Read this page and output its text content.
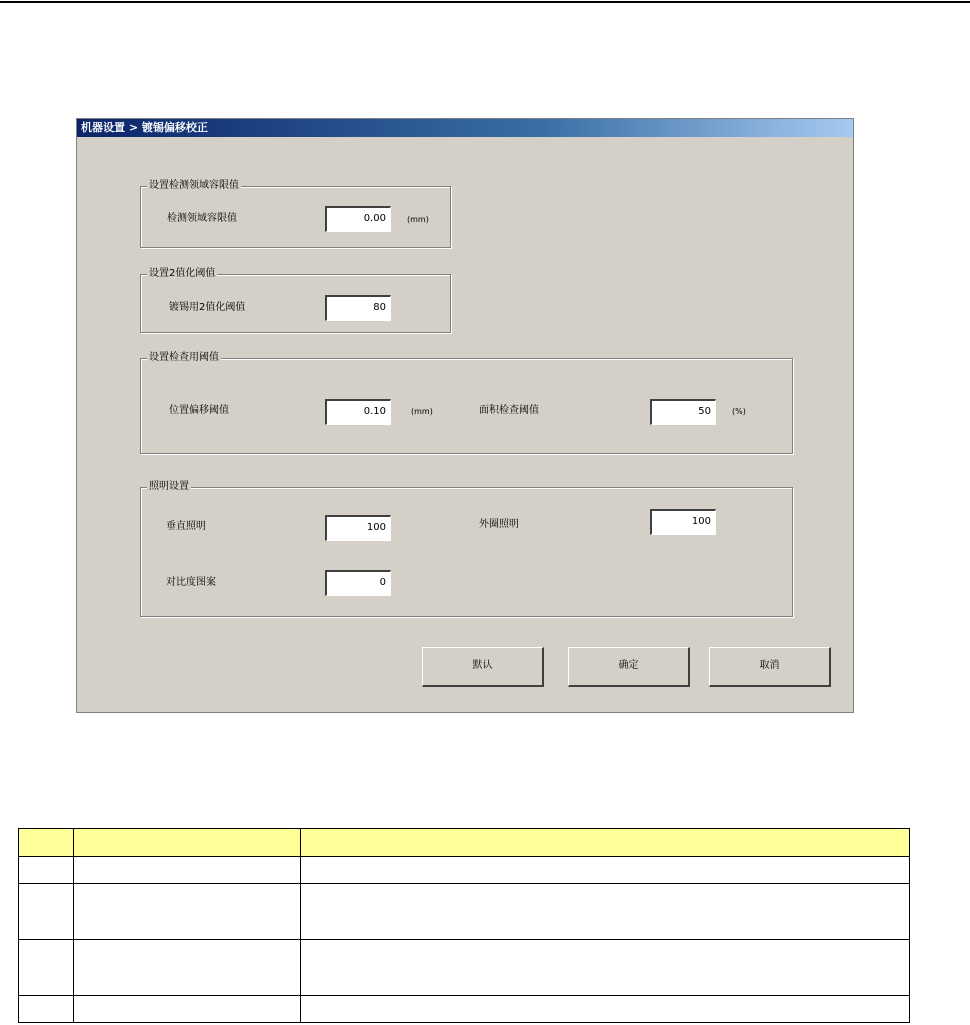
机器设置 > 镀锡偏移校正
设置检测领域容限值
检测领域容限值	0.00	(mm)
设置2值化阈值
镀锡用2值化阈值	80
设置检查用阈值
位置偏移阈值	0.10	(mm)	面积检查阈值	50	(%)
照明设置
垂直照明	100	外圈照明	100
对比度图案	0
默认	确定	取消
